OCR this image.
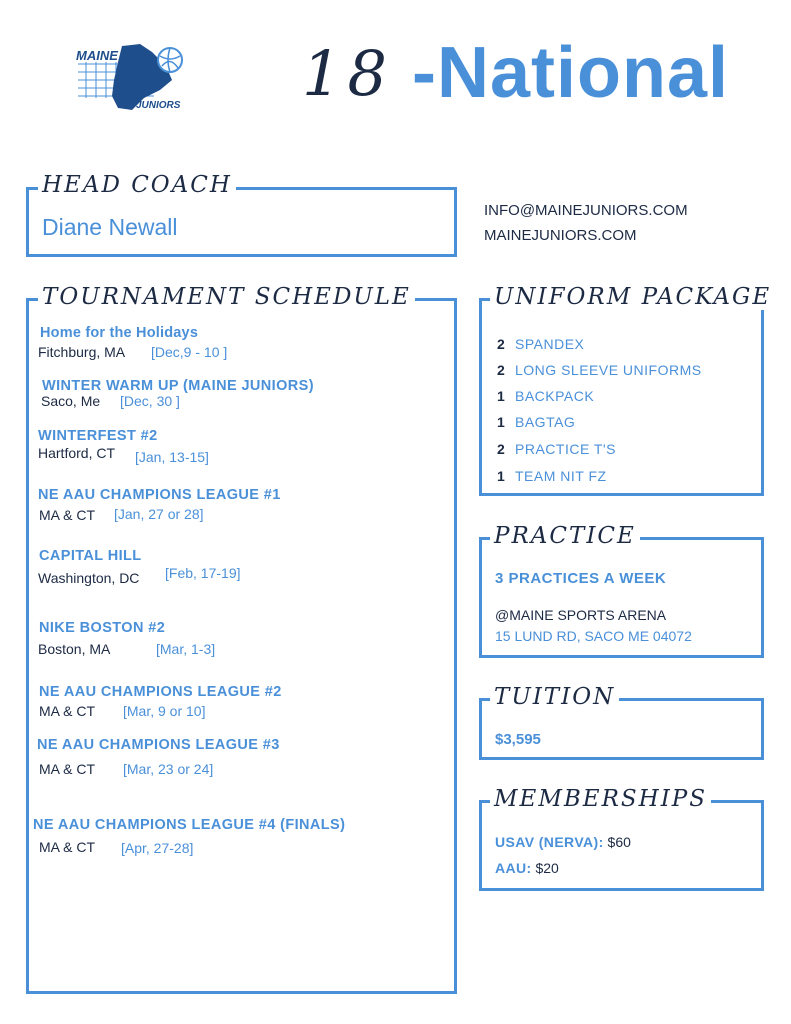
MAINE
JUNIORS 18 -National
HEAD COACH
Diane Newall
INFO@MAINEJUNIORS.COM
MAINEJUNIORS.COM
TOURNAMENT SCHEDULE
Home for the Holidays
Fitchburg, MA [Dec,9 - 10 ]
WINTER WARM UP (MAINE JUNIORS)
Saco, Me [Dec, 30 ]
WINTERFEST #2
Hartford, CT [Jan, 13-15]
NE AAU CHAMPIONS LEAGUE #1
MA & CT [Jan, 27 or 28]
CAPITAL HILL
Washington, DC [Feb, 17-19]
NIKE BOSTON #2
Boston, MA	[Mar, 1-3]
NE AAU CHAMPIONS LEAGUE #2
MA & CT [Mar, 9 or 10]
NE AAU CHAMPIONS LEAGUE #3
MA & CT [Mar, 23 or 24]
NE AAU CHAMPIONS LEAGUE #4 (FINALS)
MA & CT [Apr, 27-28]
UNIFORM PACKAGE
2 SPANDEX
2 LONG SLEEVE UNIFORMS
1 BACKPACK
1 BAGTAG
2 PRACTICE T'S
1 TEAM NIT FZ
PRACTICE
3 PRACTICES A WEEK
@MAINE SPORTS ARENA
15 LUND RD, SACO ME 04072
TUITION
$3,595
MEMBERSHIPS
USAV (NERVA): $60
AAU: $20
